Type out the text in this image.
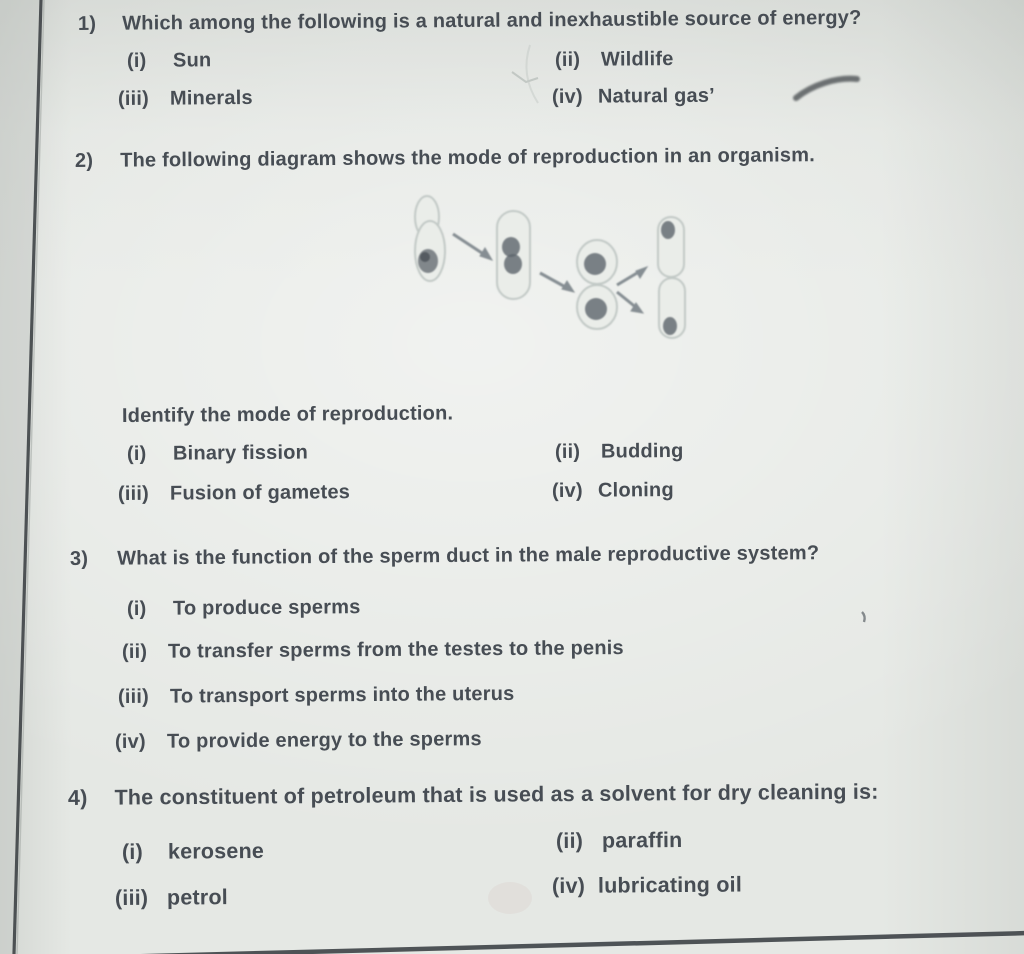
1) Which among the following is a natural and inexhaustible source of energy?
(i) Sun	(ii) Wildlife
(iii) Minerals	(iv) Natural gas’
2) The following diagram shows the mode of reproduction in an organism.
Identify the mode of reproduction.
(i) Binary fission	(ii) Budding
(iii) Fusion of gametes	(iv) Cloning
3) What is the function of the sperm duct in the male reproductive system?
(i) To produce sperms
(ii) To transfer sperms from the testes to the penis
(iii) To transport sperms into the uterus
(iv) To provide energy to the sperms
4) The constituent of petroleum that is used as a solvent for dry cleaning is:
(i) kerosene	(ii) paraffin
(iii) petrol	(iv) lubricating oil
